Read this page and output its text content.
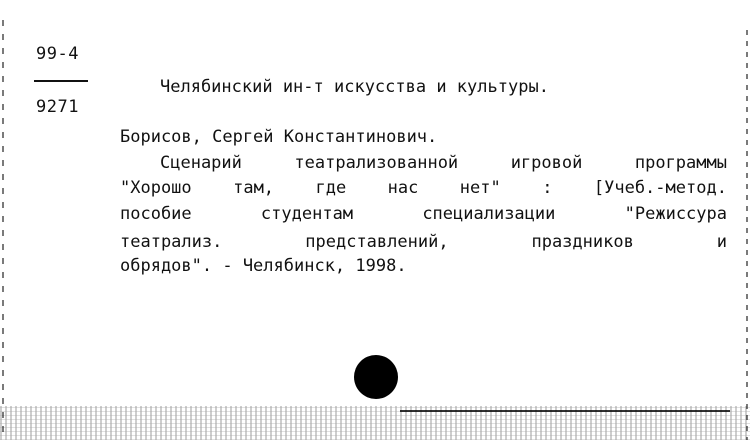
99-4
9271
Челябинский ин-т искусства и культуры.
Борисов, Сергей Константинович.
Сценарий	театрализованной	игровой	программы
"Хорошо там, где нас нет" : [Учеб.-метод.
пособие	студентам	специализации	"Режиссура
театрализ.	представлений,	праздников	и
обрядов". - Челябинск, 1998.
